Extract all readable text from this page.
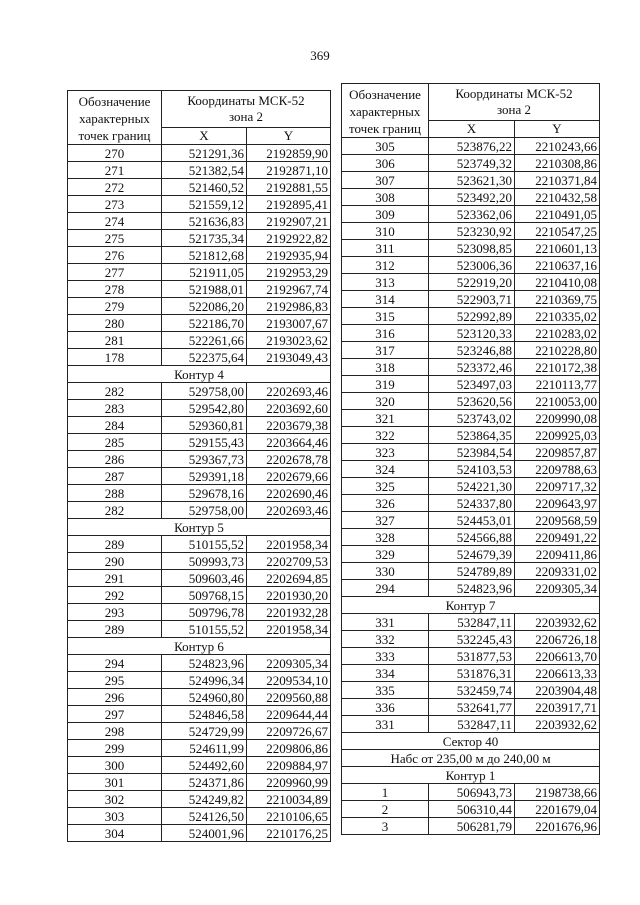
369
Обозначение
характерных
точек границ	Координаты МСК-52
зона 2	

	X	Y
270	521291,36	2192859,90
271	521382,54	2192871,10
272	521460,52	2192881,55
273	521559,12	2192895,41
274	521636,83	2192907,21
275	521735,34	2192922,82
276	521812,68	2192935,94
277	521911,05	2192953,29
278	521988,01	2192967,74
279	522086,20	2192986,83
280	522186,70	2193007,67
281	522261,66	2193023,62
178	522375,64	2193049,43
Контур 4		
282	529758,00	2202693,46
283	529542,80	2203692,60
284	529360,81	2203679,38
285	529155,43	2203664,46
286	529367,73	2202678,78
287	529391,18	2202679,66
288	529678,16	2202690,46
282	529758,00	2202693,46
Контур 5		
289	510155,52	2201958,34
290	509993,73	2202709,53
291	509603,46	2202694,85
292	509768,15	2201930,20
293	509796,78	2201932,28
289	510155,52	2201958,34
Контур 6		
294	524823,96	2209305,34
295	524996,34	2209534,10
296	524960,80	2209560,88
297	524846,58	2209644,44
298	524729,99	2209726,67
299	524611,99	2209806,86
300	524492,60	2209884,97
301	524371,86	2209960,99
302	524249,82	2210034,89
303	524126,50	2210106,65
304	524001,96	2210176,25
Обозначение
характерных
точек границ	Координаты МСК-52
зона 2	

	X	Y
305	523876,22	2210243,66
306	523749,32	2210308,86
307	523621,30	2210371,84
308	523492,20	2210432,58
309	523362,06	2210491,05
310	523230,92	2210547,25
311	523098,85	2210601,13
312	523006,36	2210637,16
313	522919,20	2210410,08
314	522903,71	2210369,75
315	522992,89	2210335,02
316	523120,33	2210283,02
317	523246,88	2210228,80
318	523372,46	2210172,38
319	523497,03	2210113,77
320	523620,56	2210053,00
321	523743,02	2209990,08
322	523864,35	2209925,03
323	523984,54	2209857,87
324	524103,53	2209788,63
325	524221,30	2209717,32
326	524337,80	2209643,97
327	524453,01	2209568,59
328	524566,88	2209491,22
329	524679,39	2209411,86
330	524789,89	2209331,02
294	524823,96	2209305,34
Контур 7		
331	532847,11	2203932,62
332	532245,43	2206726,18
333	531877,53	2206613,70
334	531876,31	2206613,33
335	532459,74	2203904,48
336	532641,77	2203917,71
331	532847,11	2203932,62
Сектор 40		
Набс от 235,00 м до 240,00 м		
Контур 1		
1	506943,73	2198738,66
2	506310,44	2201679,04
3	506281,79	2201676,96
